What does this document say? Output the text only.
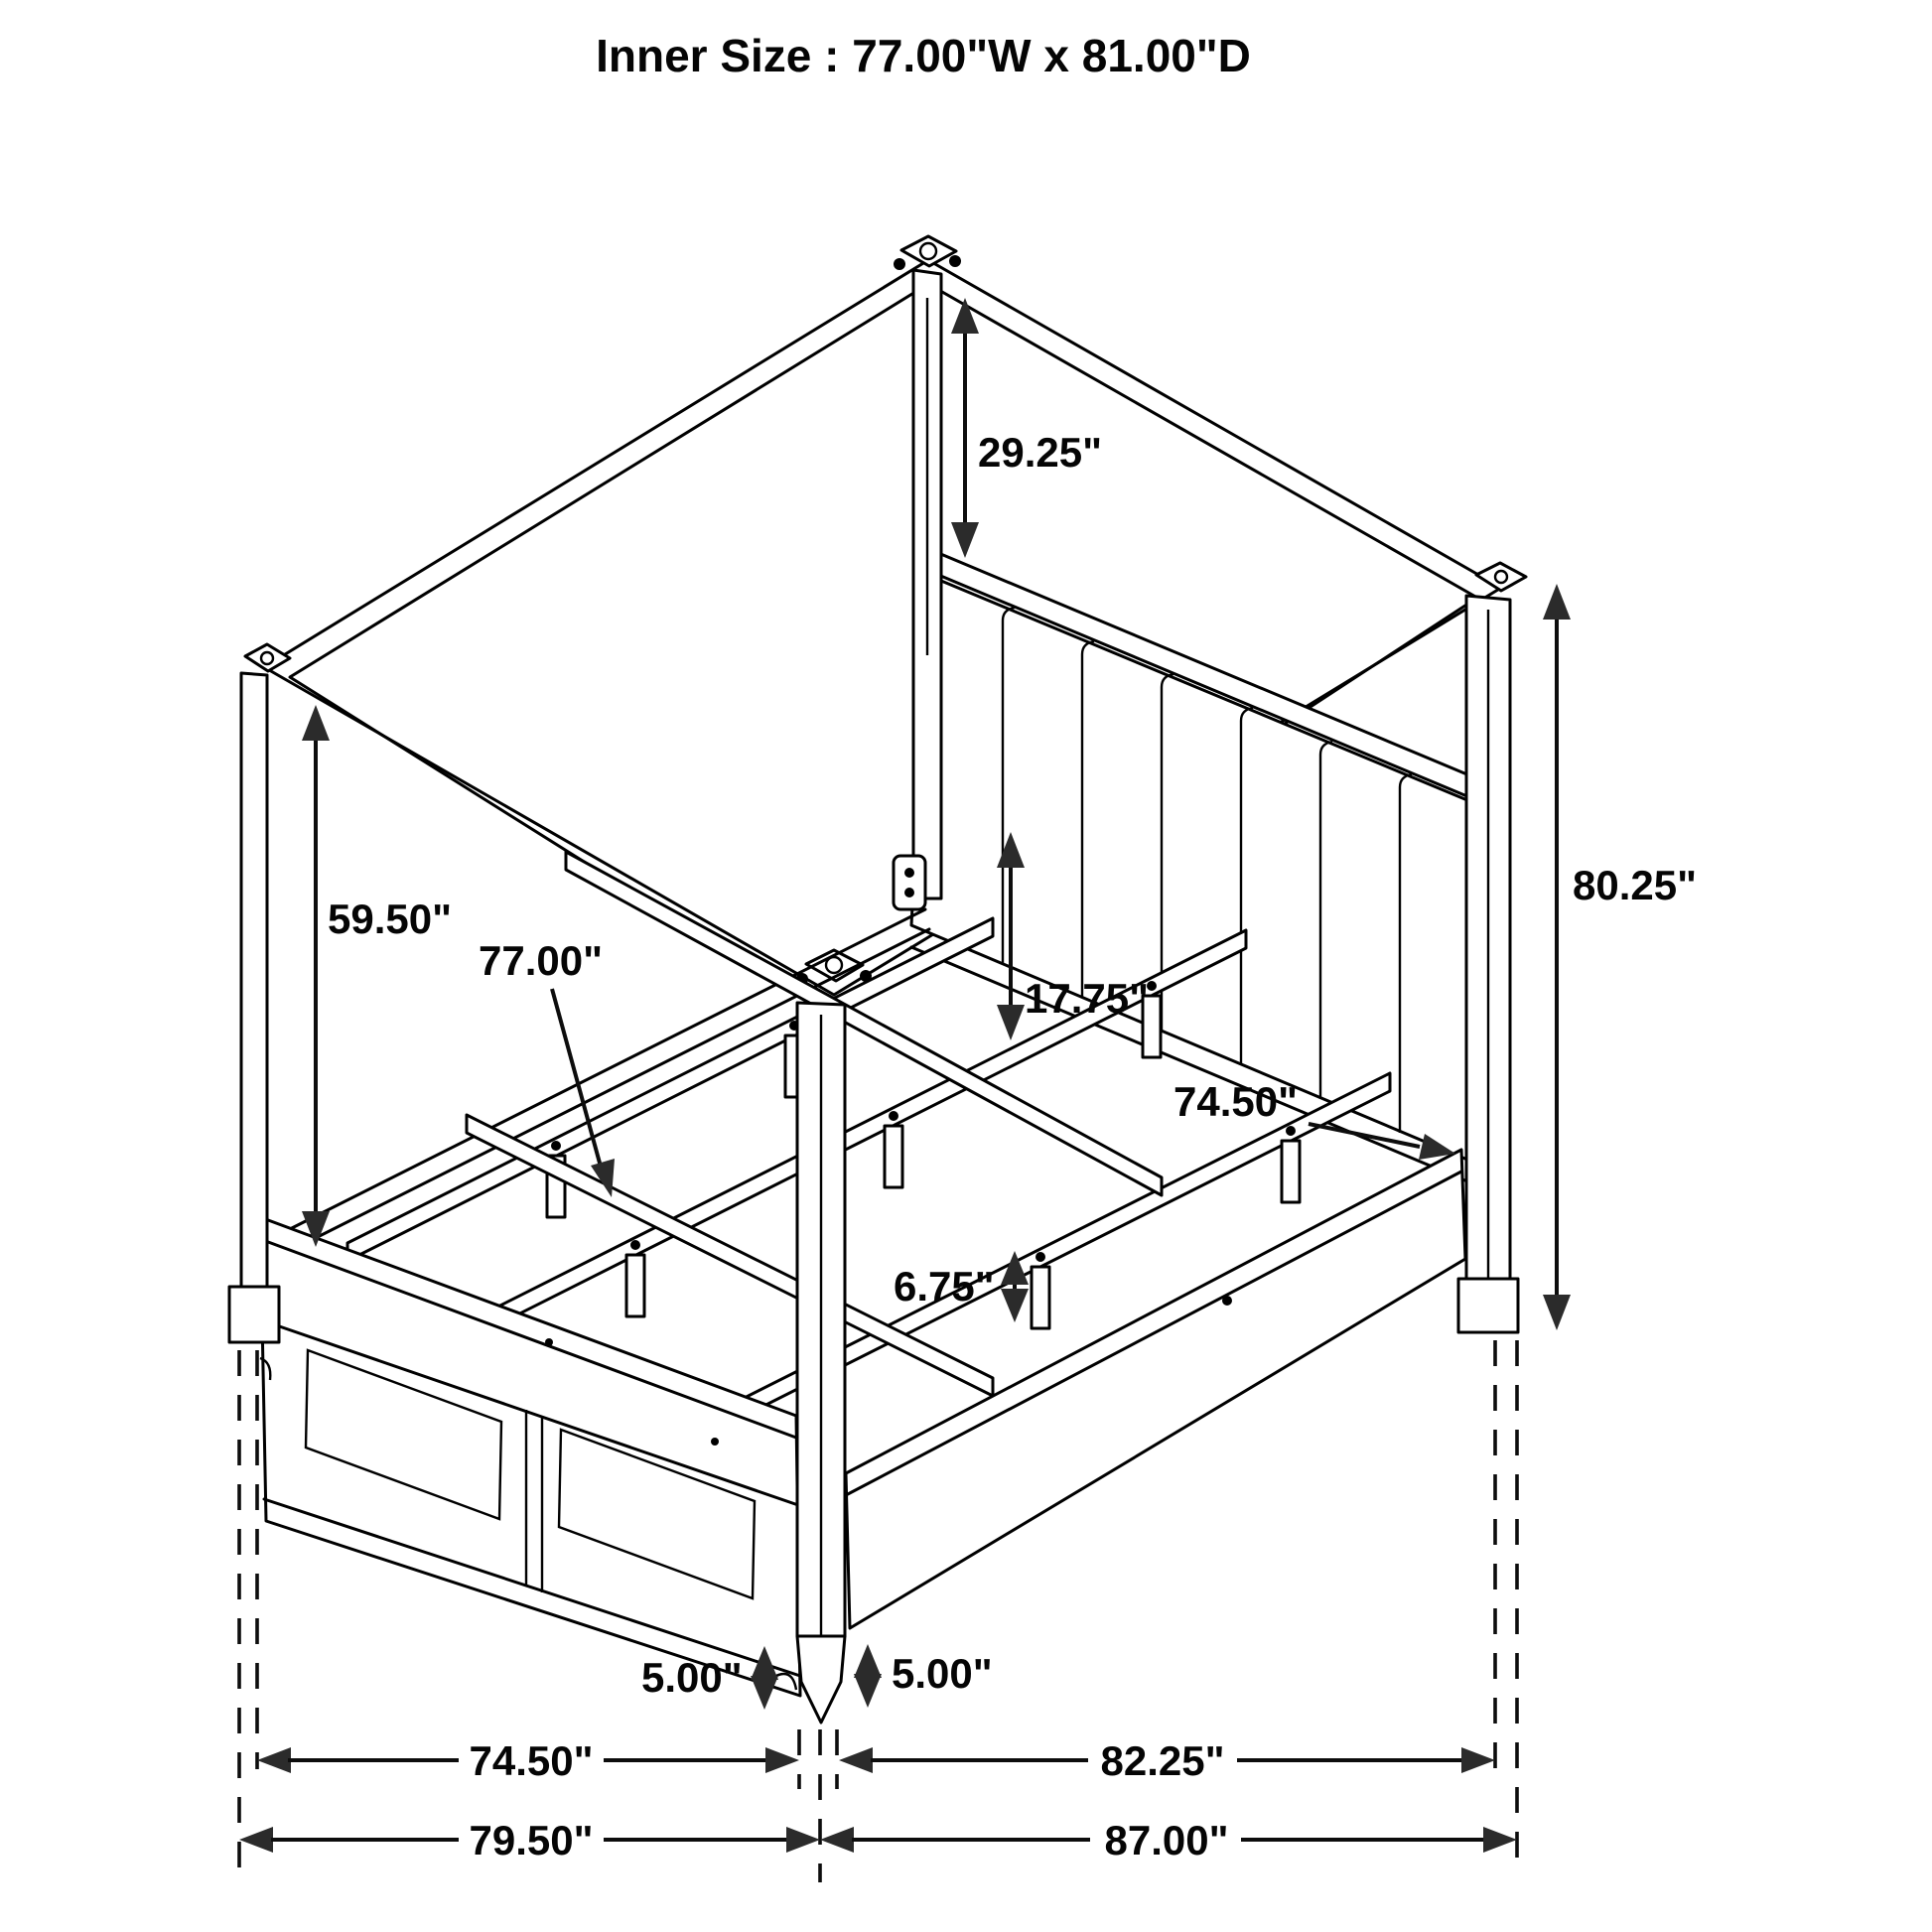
Inner Size : 77.00"W x 81.00"D
29.25"
59.50"
77.00"
17.75"
74.50"
80.25"
6.75"
5.00"	5.00"
74.50"	82.25"
79.50"	87.00"
